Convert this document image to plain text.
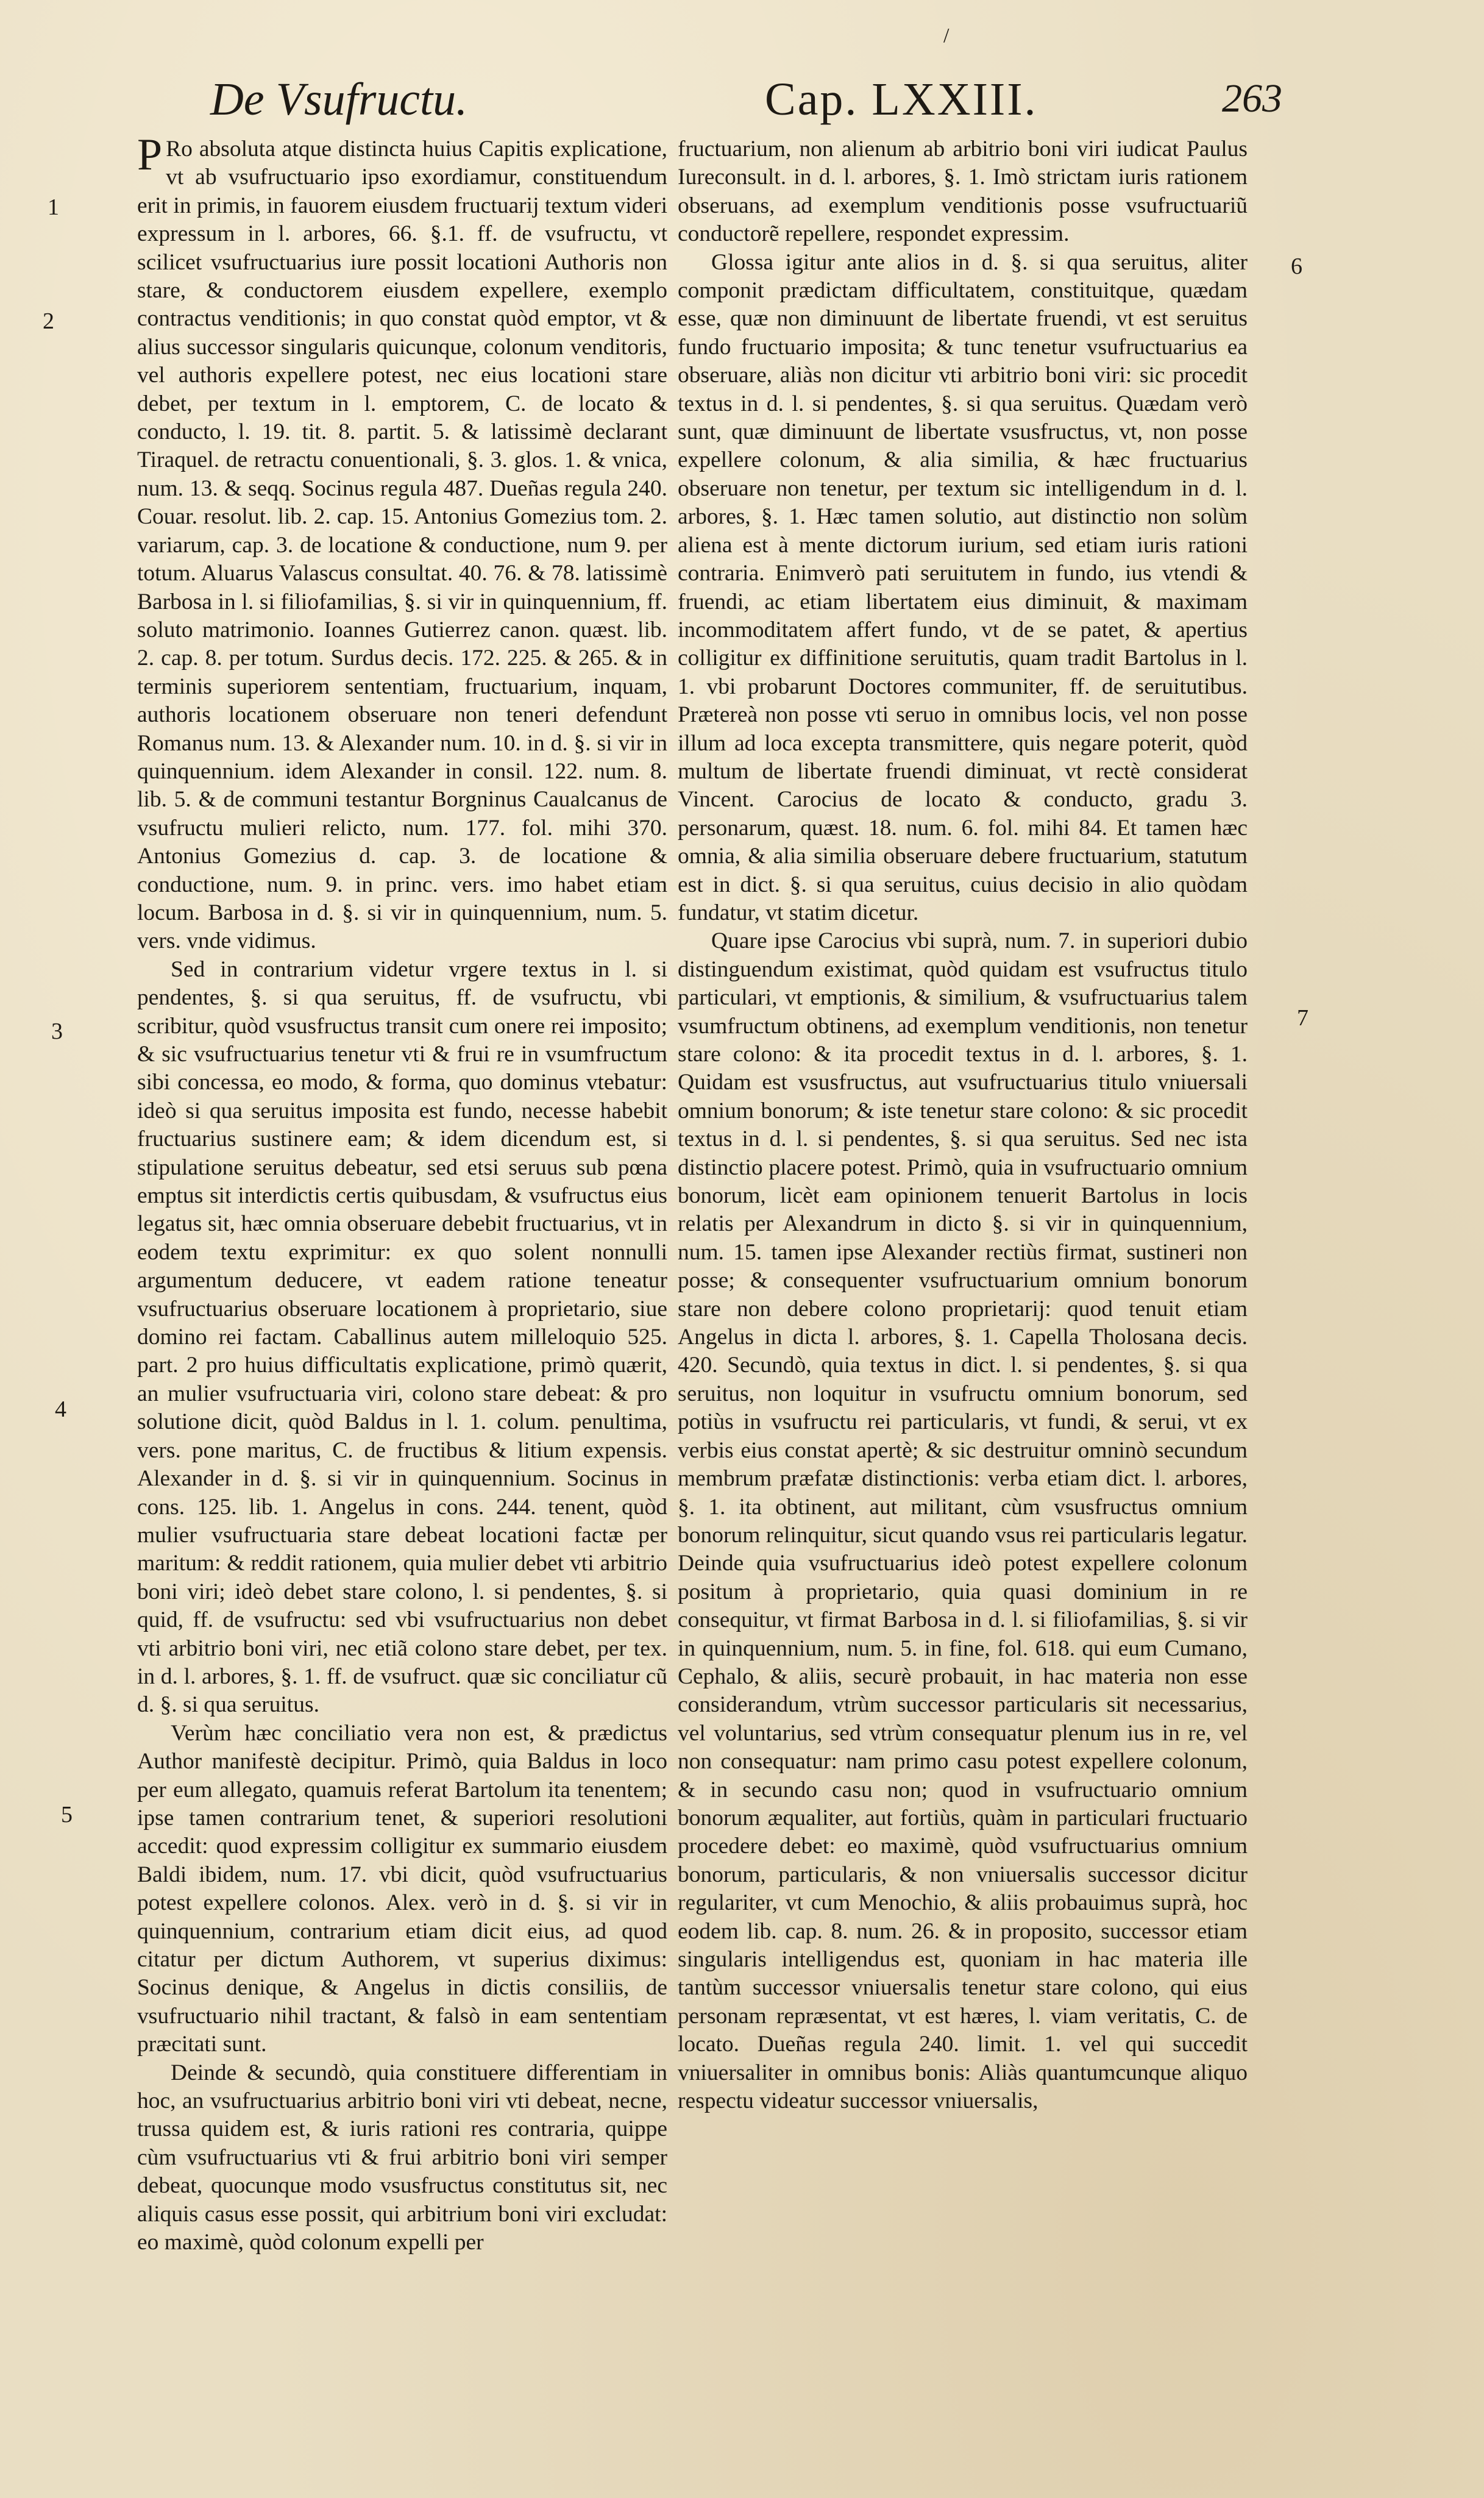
/
De Vsufructu.	Cap. LXXIII.	263
1
2
3
4
5
6
7

P Ro absoluta atque distincta huius Capitis explicatione, vt ab vsufructuario ipso exordiamur, constituendum erit in primis, in fauorem eiusdem fructuarij textum videri expressum in l. arbores, 66. §.1. ff. de vsufructu, vt scilicet vsufructuarius iure possit locationi Authoris non stare, & conductorem eiusdem expellere, exemplo contractus venditionis; in quo constat quòd emptor, vt & alius successor singularis quicunque, colonum venditoris, vel authoris expellere potest, nec eius locationi stare debet, per textum in l. emptorem, C. de locato & conducto, l. 19. tit. 8. partit. 5. & latissimè declarant Tiraquel. de retractu conuentionali, §. 3. glos. 1. & vnica, num. 13. & seqq. Socinus regula 487. Dueñas regula 240. Couar. resolut. lib. 2. cap. 15. Antonius Gomezius tom. 2. variarum, cap. 3. de locatione & conductione, num 9. per totum. Aluarus Valascus consultat. 40. 76. & 78. latissimè Barbosa in l. si filiofamilias, §. si vir in quinquennium, ff. soluto matrimonio. Ioannes Gutierrez canon. quæst. lib. 2. cap. 8. per totum. Surdus decis. 172. 225. & 265. & in terminis superiorem sententiam, fructuarium, inquam, authoris locationem obseruare non teneri defendunt Romanus num. 13. & Alexander num. 10. in d. §. si vir in quinquennium. idem Alexander in consil. 122. num. 8. lib. 5. & de communi testantur Borgninus Caualcanus de vsufructu mulieri relicto, num. 177. fol. mihi 370. Antonius Gomezius d. cap. 3. de locatione & conductione, num. 9. in princ. vers. imo habet etiam locum. Barbosa in d. §. si vir in quinquennium, num. 5. vers. vnde vidimus.

Sed in contrarium videtur vrgere textus in l. si pendentes, §. si qua seruitus, ff. de vsufructu, vbi scribitur, quòd vsusfructus transit cum onere rei imposito; & sic vsufructuarius tenetur vti & frui re in vsumfructum sibi concessa, eo modo, & forma, quo dominus vtebatur: ideò si qua seruitus imposita est fundo, necesse habebit fructuarius sustinere eam; & idem dicendum est, si stipulatione seruitus debeatur, sed etsi seruus sub pœna emptus sit interdictis certis quibusdam, & vsufructus eius legatus sit, hæc omnia obseruare debebit fructuarius, vt in eodem textu exprimitur: ex quo solent nonnulli argumentum deducere, vt eadem ratione teneatur vsufructuarius obseruare locationem à proprietario, siue domino rei factam. Caballinus autem milleloquio 525. part. 2 pro huius difficultatis explicatione, primò quærit, an mulier vsufructuaria viri, colono stare debeat: & pro solutione dicit, quòd Baldus in l. 1. colum. penultima, vers. pone maritus, C. de fructibus & litium expensis. Alexander in d. §. si vir in quinquennium. Socinus in cons. 125. lib. 1. Angelus in cons. 244. tenent, quòd mulier vsufructuaria stare debeat locationi factæ per maritum: & reddit rationem, quia mulier debet vti arbitrio boni viri; ideò debet stare colono, l. si pendentes, §. si quid, ff. de vsufructu: sed vbi vsufructuarius non debet vti arbitrio boni viri, nec etiã colono stare debet, per tex. in d. l. arbores, §. 1. ff. de vsufruct. quæ sic conciliatur cũ d. §. si qua seruitus.

Verùm hæc conciliatio vera non est, & prædictus Author manifestè decipitur. Primò, quia Baldus in loco per eum allegato, quamuis referat Bartolum ita tenentem; ipse tamen contrarium tenet, & superiori resolutioni accedit: quod expressim colligitur ex summario eiusdem Baldi ibidem, num. 17. vbi dicit, quòd vsufructuarius potest expellere colonos. Alex. verò in d. §. si vir in quinquennium, contrarium etiam dicit eius, ad quod citatur per dictum Authorem, vt superius diximus: Socinus denique, & Angelus in dictis consiliis, de vsufructuario nihil tractant, & falsò in eam sententiam præcitati sunt.

Deinde & secundò, quia constituere differentiam in hoc, an vsufructuarius arbitrio boni viri vti debeat, necne, trussa quidem est, & iuris rationi res contraria, quippe cùm vsufructuarius vti & frui arbitrio boni viri semper debeat, quocunque modo vsusfructus constitutus sit, nec aliquis casus esse possit, qui arbitrium boni viri excludat: eo maximè, quòd colonum expelli per

fructuarium, non alienum ab arbitrio boni viri iudicat Paulus Iureconsult. in d. l. arbores, §. 1. Imò strictam iuris rationem obseruans, ad exemplum venditionis posse vsufructuariũ conductorẽ repellere, respondet expressim.

Glossa igitur ante alios in d. §. si qua seruitus, aliter componit prædictam difficultatem, constituitque, quædam esse, quæ non diminuunt de libertate fruendi, vt est seruitus fundo fructuario imposita; & tunc tenetur vsufructuarius ea obseruare, aliàs non dicitur vti arbitrio boni viri: sic procedit textus in d. l. si pendentes, §. si qua seruitus. Quædam verò sunt, quæ diminuunt de libertate vsusfructus, vt, non posse expellere colonum, & alia similia, & hæc fructuarius obseruare non tenetur, per textum sic intelligendum in d. l. arbores, §. 1. Hæc tamen solutio, aut distinctio non solùm aliena est à mente dictorum iurium, sed etiam iuris rationi contraria. Enimverò pati seruitutem in fundo, ius vtendi & fruendi, ac etiam libertatem eius diminuit, & maximam incommoditatem affert fundo, vt de se patet, & apertius colligitur ex diffinitione seruitutis, quam tradit Bartolus in l. 1. vbi probarunt Doctores communiter, ff. de seruitutibus. Prætereà non posse vti seruo in omnibus locis, vel non posse illum ad loca excepta transmittere, quis negare poterit, quòd multum de libertate fruendi diminuat, vt rectè considerat Vincent. Carocius de locato & conducto, gradu 3. personarum, quæst. 18. num. 6. fol. mihi 84. Et tamen hæc omnia, & alia similia obseruare debere fructuarium, statutum est in dict. §. si qua seruitus, cuius decisio in alio quòdam fundatur, vt statim dicetur.

Quare ipse Carocius vbi suprà, num. 7. in superiori dubio distinguendum existimat, quòd quidam est vsufructus titulo particulari, vt emptionis, & similium, & vsufructuarius talem vsumfructum obtinens, ad exemplum venditionis, non tenetur stare colono: & ita procedit textus in d. l. arbores, §. 1. Quidam est vsusfructus, aut vsufructuarius titulo vniuersali omnium bonorum; & iste tenetur stare colono: & sic procedit textus in d. l. si pendentes, §. si qua seruitus. Sed nec ista distinctio placere potest. Primò, quia in vsufructuario omnium bonorum, licèt eam opinionem tenuerit Bartolus in locis relatis per Alexandrum in dicto §. si vir in quinquennium, num. 15. tamen ipse Alexander rectiùs firmat, sustineri non posse; & consequenter vsufructuarium omnium bonorum stare non debere colono proprietarij: quod tenuit etiam Angelus in dicta l. arbores, §. 1. Capella Tholosana decis. 420. Secundò, quia textus in dict. l. si pendentes, §. si qua seruitus, non loquitur in vsufructu omnium bonorum, sed potiùs in vsufructu rei particularis, vt fundi, & serui, vt ex verbis eius constat apertè; & sic destruitur omninò secundum membrum præfatæ distinctionis: verba etiam dict. l. arbores, §. 1. ita obtinent, aut militant, cùm vsusfructus omnium bonorum relinquitur, sicut quando vsus rei particularis legatur. Deinde quia vsufructuarius ideò potest expellere colonum positum à proprietario, quia quasi dominium in re consequitur, vt firmat Barbosa in d. l. si filiofamilias, §. si vir in quinquennium, num. 5. in fine, fol. 618. qui eum Cumano, Cephalo, & aliis, securè probauit, in hac materia non esse considerandum, vtrùm successor particularis sit necessarius, vel voluntarius, sed vtrùm consequatur plenum ius in re, vel non consequatur: nam primo casu potest expellere colonum, & in secundo casu non; quod in vsufructuario omnium bonorum æqualiter, aut fortiùs, quàm in particulari fructuario procedere debet: eo maximè, quòd vsufructuarius omnium bonorum, particularis, & non vniuersalis successor dicitur regulariter, vt cum Menochio, & aliis probauimus suprà, hoc eodem lib. cap. 8. num. 26. & in proposito, successor etiam singularis intelligendus est, quoniam in hac materia ille tantùm successor vniuersalis tenetur stare colono, qui eius personam repræsentat, vt est hæres, l. viam veritatis, C. de locato. Dueñas regula 240. limit. 1. vel qui succedit vniuersaliter in omnibus bonis: Aliàs quantumcunque aliquo respectu videatur successor vniuersalis,
